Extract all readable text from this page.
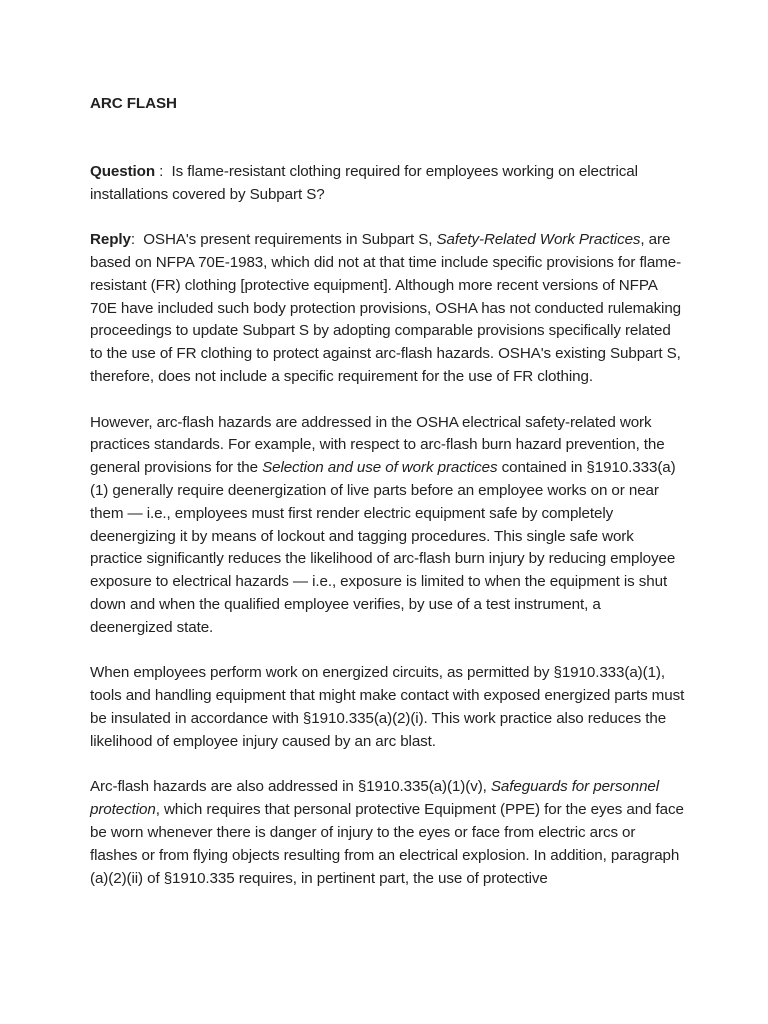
ARC FLASH

Question :  Is flame-resistant clothing required for employees working on electrical installations covered by Subpart S?

Reply:  OSHA's present requirements in Subpart S, Safety-Related Work Practices, are based on NFPA 70E-1983, which did not at that time include specific provisions for flame-resistant (FR) clothing [protective equipment]. Although more recent versions of NFPA 70E have included such body protection provisions, OSHA has not conducted rulemaking proceedings to update Subpart S by adopting comparable provisions specifically related to the use of FR clothing to protect against arc-flash hazards. OSHA's existing Subpart S, therefore, does not include a specific requirement for the use of FR clothing.

However, arc-flash hazards are addressed in the OSHA electrical safety-related work practices standards. For example, with respect to arc-flash burn hazard prevention, the general provisions for the Selection and use of work practices contained in §1910.333(a)(1) generally require deenergization of live parts before an employee works on or near them — i.e., employees must first render electric equipment safe by completely deenergizing it by means of lockout and tagging procedures. This single safe work practice significantly reduces the likelihood of arc-flash burn injury by reducing employee exposure to electrical hazards — i.e., exposure is limited to when the equipment is shut down and when the qualified employee verifies, by use of a test instrument, a deenergized state.

When employees perform work on energized circuits, as permitted by §1910.333(a)(1), tools and handling equipment that might make contact with exposed energized parts must be insulated in accordance with §1910.335(a)(2)(i). This work practice also reduces the likelihood of employee injury caused by an arc blast.

Arc-flash hazards are also addressed in §1910.335(a)(1)(v), Safeguards for personnel protection, which requires that personal protective Equipment (PPE) for the eyes and face be worn whenever there is danger of injury to the eyes or face from electric arcs or flashes or from flying objects resulting from an electrical explosion. In addition, paragraph (a)(2)(ii) of §1910.335 requires, in pertinent part, the use of protective
